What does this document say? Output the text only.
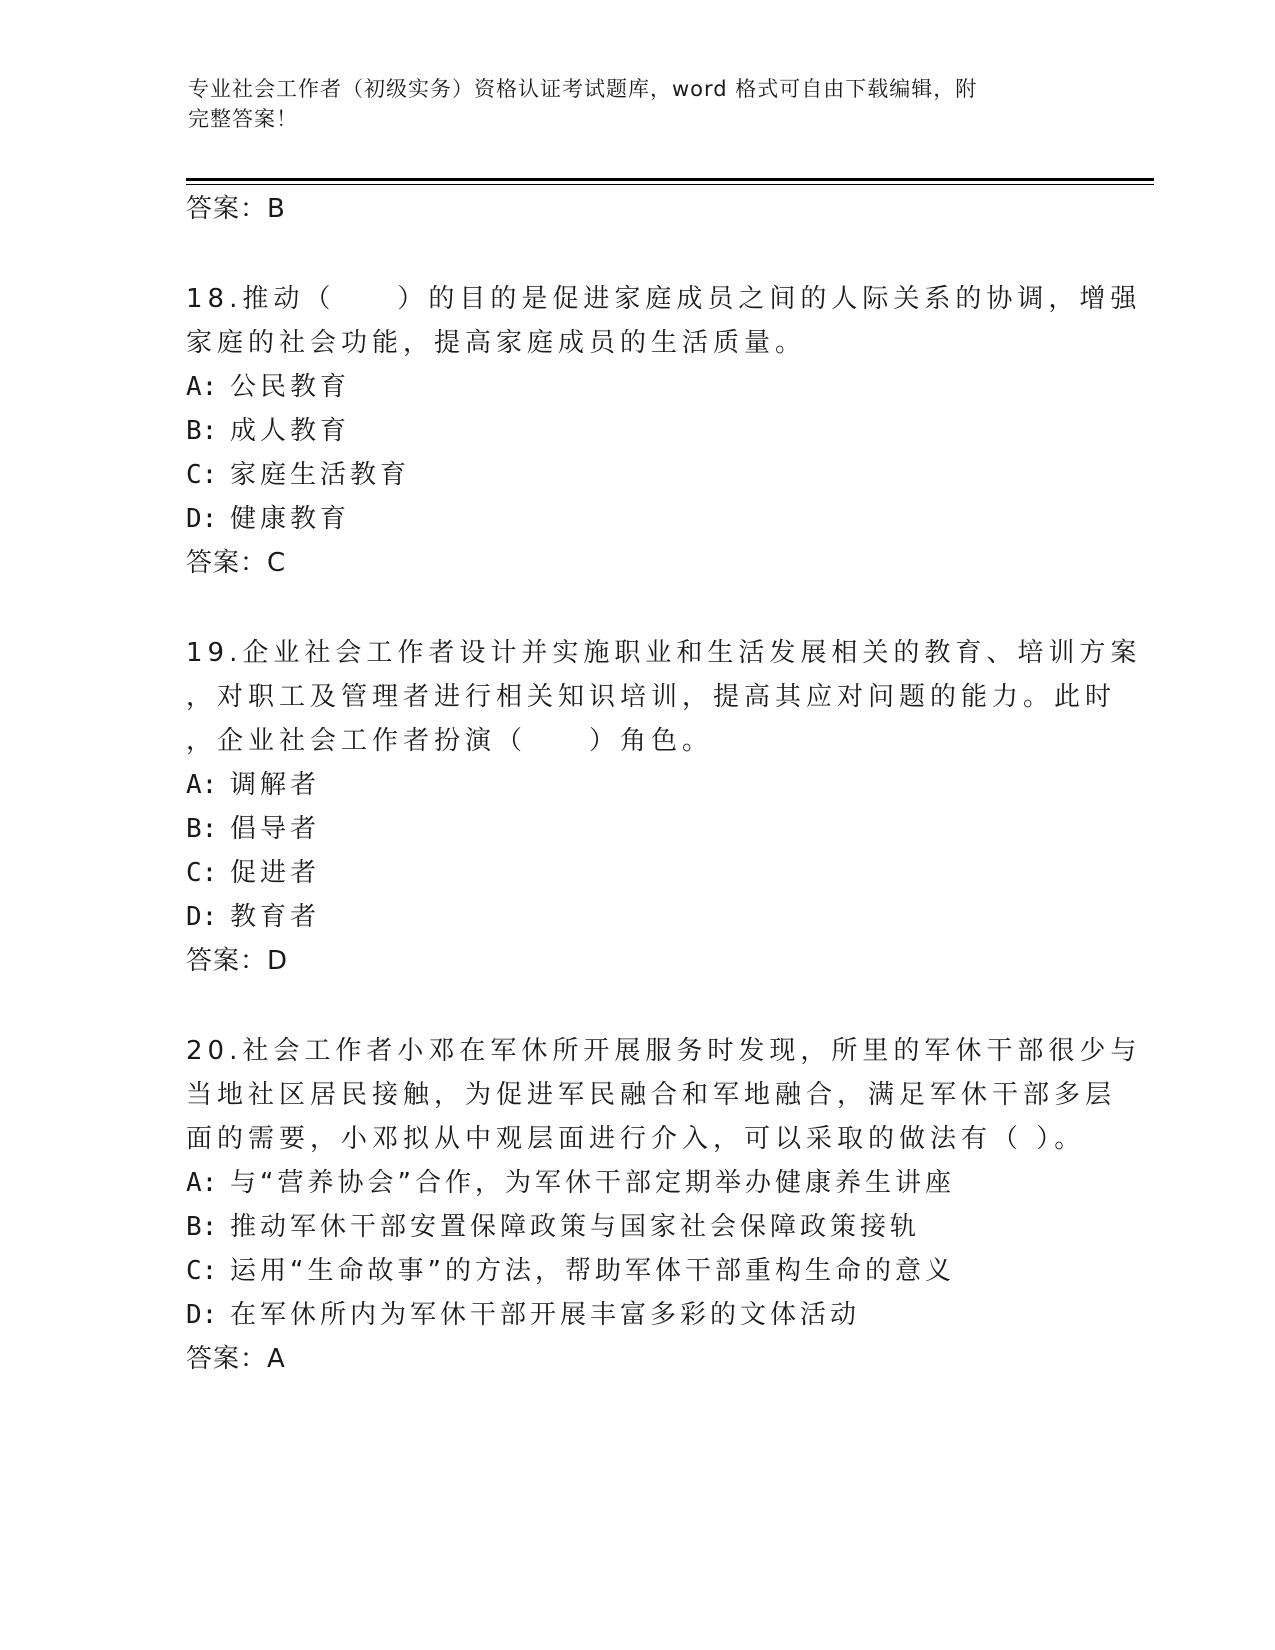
专业社会工作者（初级实务）资格认证考试题库，word 格式可自由下载编辑，附
完整答案！
答案：B
18.推动（　　）的目的是促进家庭成员之间的人际关系的协调，增强
家庭的社会功能，提高家庭成员的生活质量。
A: 公民教育
B: 成人教育
C: 家庭生活教育
D: 健康教育
答案：C
19.企业社会工作者设计并实施职业和生活发展相关的教育、培训方案
，对职工及管理者进行相关知识培训，提高其应对问题的能力。此时
，企业社会工作者扮演（　　）角色。
A: 调解者
B: 倡导者
C: 促进者
D: 教育者
答案：D
20.社会工作者小邓在军休所开展服务时发现，所里的军休干部很少与
当地社区居民接触，为促进军民融合和军地融合，满足军休干部多层
面的需要，小邓拟从中观层面进行介入，可以采取的做法有（ ）。
A: 与“营养协会”合作，为军休干部定期举办健康养生讲座
B: 推动军休干部安置保障政策与国家社会保障政策接轨
C: 运用“生命故事”的方法，帮助军体干部重构生命的意义
D: 在军休所内为军休干部开展丰富多彩的文体活动
答案：A
